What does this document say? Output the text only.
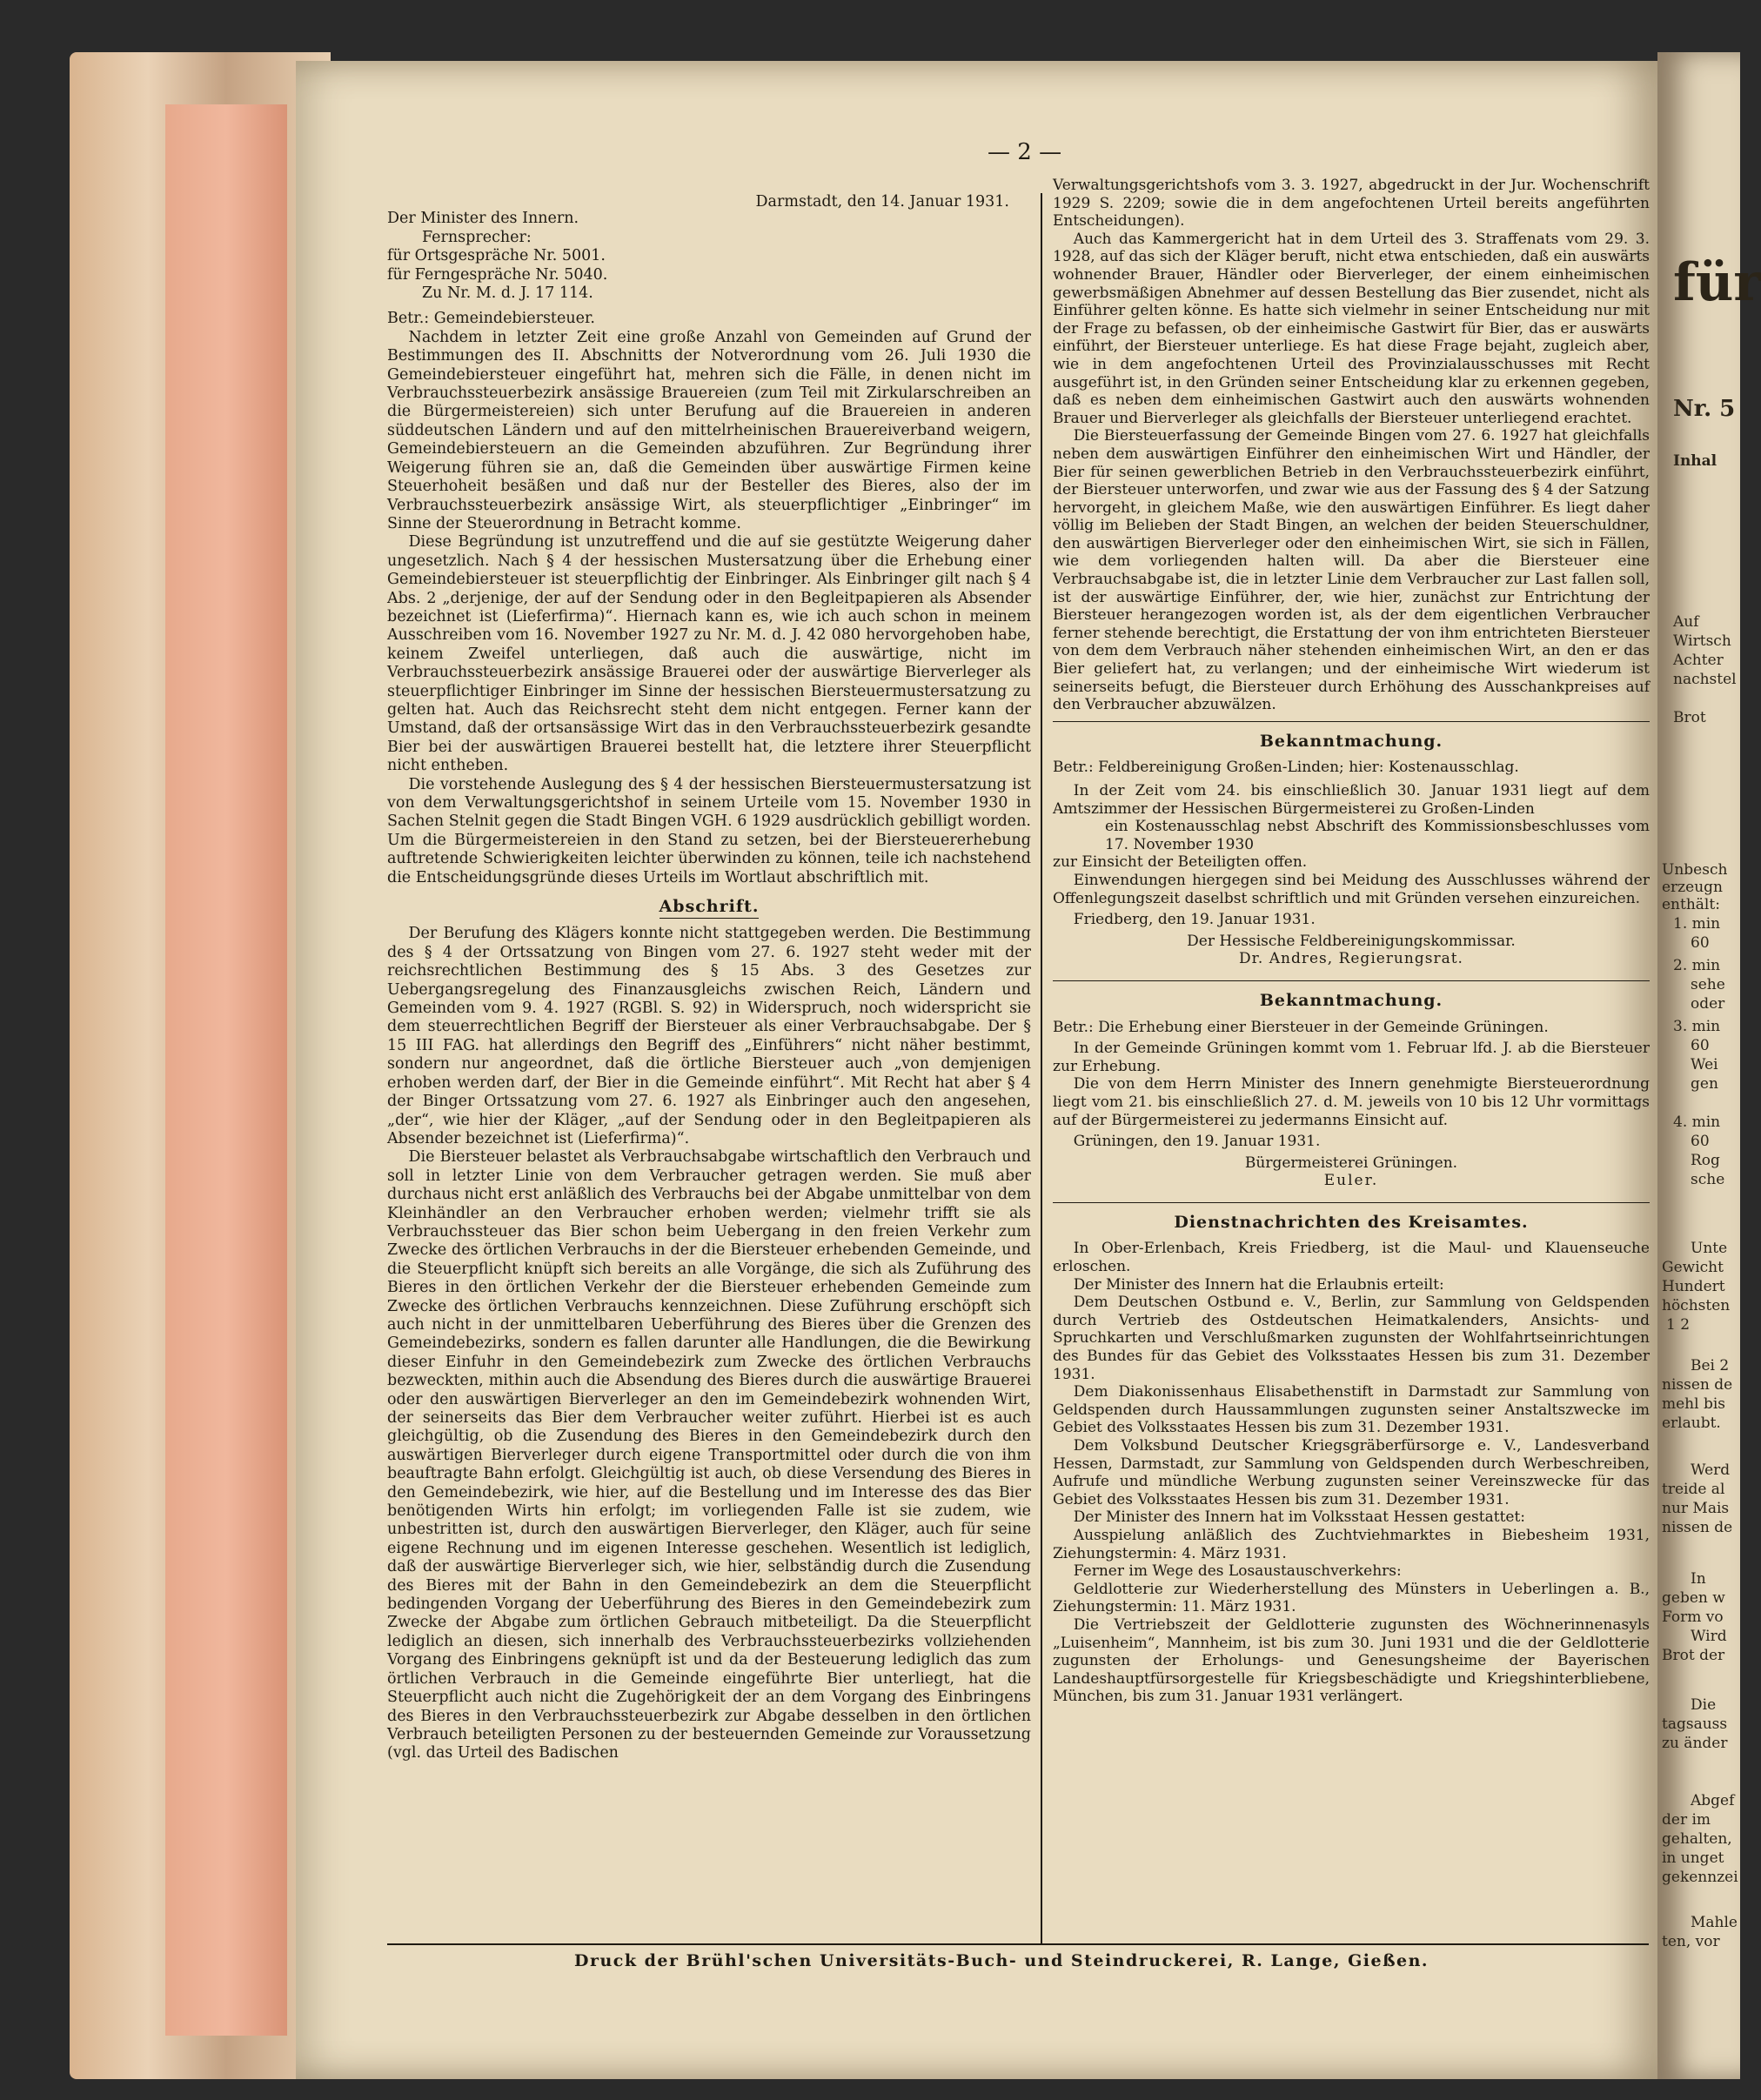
— 2 —
Darmstadt, den 14. Januar 1931.
Der Minister des Innern.
Fernsprecher:
für Ortsgespräche Nr. 5001.
für Ferngespräche Nr. 5040.
Zu Nr. M. d. J. 17 114.

Betr.: Gemeindebiersteuer.

Nachdem in letzter Zeit eine große Anzahl von Gemeinden auf Grund der Bestimmungen des II. Abschnitts der Notverordnung vom 26. Juli 1930 die Gemeindebiersteuer eingeführt hat, mehren sich die Fälle, in denen nicht im Verbrauchssteuerbezirk ansässige Brauereien (zum Teil mit Zirkularschreiben an die Bürgermeistereien) sich unter Berufung auf die Brauereien in anderen süddeutschen Ländern und auf den mittelrheinischen Brauereiverband weigern, Gemeindebiersteuern an die Gemeinden abzuführen. Zur Begründung ihrer Weigerung führen sie an, daß die Gemeinden über auswärtige Firmen keine Steuerhoheit besäßen und daß nur der Besteller des Bieres, also der im Verbrauchssteuerbezirk ansässige Wirt, als steuerpflichtiger „Einbringer“ im Sinne der Steuerordnung in Betracht komme.

Diese Begründung ist unzutreffend und die auf sie gestützte Weigerung daher ungesetzlich. Nach § 4 der hessischen Mustersatzung über die Erhebung einer Gemeindebiersteuer ist steuerpflichtig der Einbringer. Als Einbringer gilt nach § 4 Abs. 2 „derjenige, der auf der Sendung oder in den Begleitpapieren als Absender bezeichnet ist (Lieferfirma)“. Hiernach kann es, wie ich auch schon in meinem Ausschreiben vom 16. November 1927 zu Nr. M. d. J. 42 080 hervorgehoben habe, keinem Zweifel unterliegen, daß auch die auswärtige, nicht im Verbrauchssteuerbezirk ansässige Brauerei oder der auswärtige Bierverleger als steuerpflichtiger Einbringer im Sinne der hessischen Biersteuermustersatzung zu gelten hat. Auch das Reichsrecht steht dem nicht entgegen. Ferner kann der Umstand, daß der ortsansässige Wirt das in den Verbrauchssteuerbezirk gesandte Bier bei der auswärtigen Brauerei bestellt hat, die letztere ihrer Steuerpflicht nicht entheben.

Die vorstehende Auslegung des § 4 der hessischen Biersteuermustersatzung ist von dem Verwaltungsgerichtshof in seinem Urteile vom 15. November 1930 in Sachen Stelnit gegen die Stadt Bingen VGH. 6 1929 ausdrücklich gebilligt worden. Um die Bürgermeistereien in den Stand zu setzen, bei der Biersteuererhebung auftretende Schwierigkeiten leichter überwinden zu können, teile ich nachstehend die Entscheidungsgründe dieses Urteils im Wortlaut abschriftlich mit.

Abschrift.

Der Berufung des Klägers konnte nicht stattgegeben werden. Die Bestimmung des § 4 der Ortssatzung von Bingen vom 27. 6. 1927 steht weder mit der reichsrechtlichen Bestimmung des § 15 Abs. 3 des Gesetzes zur Uebergangsregelung des Finanzausgleichs zwischen Reich, Ländern und Gemeinden vom 9. 4. 1927 (RGBl. S. 92) in Widerspruch, noch widerspricht sie dem steuerrechtlichen Begriff der Biersteuer als einer Verbrauchsabgabe. Der § 15 III FAG. hat allerdings den Begriff des „Einführers“ nicht näher bestimmt, sondern nur angeordnet, daß die örtliche Biersteuer auch „von demjenigen erhoben werden darf, der Bier in die Gemeinde einführt“. Mit Recht hat aber § 4 der Binger Ortssatzung vom 27. 6. 1927 als Einbringer auch den angesehen, „der“, wie hier der Kläger, „auf der Sendung oder in den Begleitpapieren als Absender bezeichnet ist (Lieferfirma)“.

Die Biersteuer belastet als Verbrauchsabgabe wirtschaftlich den Verbrauch und soll in letzter Linie von dem Verbraucher getragen werden. Sie muß aber durchaus nicht erst anläßlich des Verbrauchs bei der Abgabe unmittelbar von dem Kleinhändler an den Verbraucher erhoben werden; vielmehr trifft sie als Verbrauchssteuer das Bier schon beim Uebergang in den freien Verkehr zum Zwecke des örtlichen Verbrauchs in der die Biersteuer erhebenden Gemeinde, und die Steuerpflicht knüpft sich bereits an alle Vorgänge, die sich als Zuführung des Bieres in den örtlichen Verkehr der die Biersteuer erhebenden Gemeinde zum Zwecke des örtlichen Verbrauchs kennzeichnen. Diese Zuführung erschöpft sich auch nicht in der unmittelbaren Ueberführung des Bieres über die Grenzen des Gemeindebezirks, sondern es fallen darunter alle Handlungen, die die Bewirkung dieser Einfuhr in den Gemeindebezirk zum Zwecke des örtlichen Verbrauchs bezweckten, mithin auch die Absendung des Bieres durch die auswärtige Brauerei oder den auswärtigen Bierverleger an den im Gemeindebezirk wohnenden Wirt, der seinerseits das Bier dem Verbraucher weiter zuführt. Hierbei ist es auch gleichgültig, ob die Zusendung des Bieres in den Gemeindebezirk durch den auswärtigen Bierverleger durch eigene Transportmittel oder durch die von ihm beauftragte Bahn erfolgt. Gleichgültig ist auch, ob diese Versendung des Bieres in den Gemeindebezirk, wie hier, auf die Bestellung und im Interesse des das Bier benötigenden Wirts hin erfolgt; im vorliegenden Falle ist sie zudem, wie unbestritten ist, durch den auswärtigen Bierverleger, den Kläger, auch für seine eigene Rechnung und im eigenen Interesse geschehen. Wesentlich ist lediglich, daß der auswärtige Bierverleger sich, wie hier, selbständig durch die Zusendung des Bieres mit der Bahn in den Gemeindebezirk an dem die Steuerpflicht bedingenden Vorgang der Ueberführung des Bieres in den Gemeindebezirk zum Zwecke der Abgabe zum örtlichen Gebrauch mitbeteiligt. Da die Steuerpflicht lediglich an diesen, sich innerhalb des Verbrauchssteuerbezirks vollziehenden Vorgang des Einbringens geknüpft ist und da der Besteuerung lediglich das zum örtlichen Verbrauch in die Gemeinde eingeführte Bier unterliegt, hat die Steuerpflicht auch nicht die Zugehörigkeit der an dem Vorgang des Einbringens des Bieres in den Verbrauchssteuerbezirk zur Abgabe desselben in den örtlichen Verbrauch beteiligten Personen zu der besteuernden Gemeinde zur Voraussetzung (vgl. das Urteil des Badischen

Verwaltungsgerichtshofs vom 3. 3. 1927, abgedruckt in der Jur. Wochenschrift 1929 S. 2209; sowie die in dem angefochtenen Urteil bereits angeführten Entscheidungen).

Auch das Kammergericht hat in dem Urteil des 3. Straffenats vom 29. 3. 1928, auf das sich der Kläger beruft, nicht etwa entschieden, daß ein auswärts wohnender Brauer, Händler oder Bierverleger, der einem einheimischen gewerbsmäßigen Abnehmer auf dessen Bestellung das Bier zusendet, nicht als Einführer gelten könne. Es hatte sich vielmehr in seiner Entscheidung nur mit der Frage zu befassen, ob der einheimische Gastwirt für Bier, das er auswärts einführt, der Biersteuer unterliege. Es hat diese Frage bejaht, zugleich aber, wie in dem angefochtenen Urteil des Provinzialausschusses mit Recht ausgeführt ist, in den Gründen seiner Entscheidung klar zu erkennen gegeben, daß es neben dem einheimischen Gastwirt auch den auswärts wohnenden Brauer und Bierverleger als gleichfalls der Biersteuer unterliegend erachtet.

Die Biersteuerfassung der Gemeinde Bingen vom 27. 6. 1927 hat gleichfalls neben dem auswärtigen Einführer den einheimischen Wirt und Händler, der Bier für seinen gewerblichen Betrieb in den Verbrauchssteuerbezirk einführt, der Biersteuer unterworfen, und zwar wie aus der Fassung des § 4 der Satzung hervorgeht, in gleichem Maße, wie den auswärtigen Einführer. Es liegt daher völlig im Belieben der Stadt Bingen, an welchen der beiden Steuerschuldner, den auswärtigen Bierverleger oder den einheimischen Wirt, sie sich in Fällen, wie dem vorliegenden halten will. Da aber die Biersteuer eine Verbrauchsabgabe ist, die in letzter Linie dem Verbraucher zur Last fallen soll, ist der auswärtige Einführer, der, wie hier, zunächst zur Entrichtung der Biersteuer herangezogen worden ist, als der dem eigentlichen Verbraucher ferner stehende berechtigt, die Erstattung der von ihm entrichteten Biersteuer von dem dem Verbrauch näher stehenden einheimischen Wirt, an den er das Bier geliefert hat, zu verlangen; und der einheimische Wirt wiederum ist seinerseits befugt, die Biersteuer durch Erhöhung des Ausschankpreises auf den Verbraucher abzuwälzen.

Bekanntmachung.

Betr.: Feldbereinigung Großen-Linden; hier: Kostenausschlag.

In der Zeit vom 24. bis einschließlich 30. Januar 1931 liegt auf dem Amtszimmer der Hessischen Bürgermeisterei zu Großen-Linden

ein Kostenausschlag nebst Abschrift des Kommissionsbeschlusses vom 17. November 1930

zur Einsicht der Beteiligten offen.

Einwendungen hiergegen sind bei Meidung des Ausschlusses während der Offenlegungszeit daselbst schriftlich und mit Gründen versehen einzureichen.

Friedberg, den 19. Januar 1931.

Der Hessische Feldbereinigungskommissar.
Dr. Andres, Regierungsrat.
Bekanntmachung.

Betr.: Die Erhebung einer Biersteuer in der Gemeinde Grüningen.

In der Gemeinde Grüningen kommt vom 1. Februar lfd. J. ab die Biersteuer zur Erhebung.

Die von dem Herrn Minister des Innern genehmigte Biersteuerordnung liegt vom 21. bis einschließlich 27. d. M. jeweils von 10 bis 12 Uhr vormittags auf der Bürgermeisterei zu jedermanns Einsicht auf.

Grüningen, den 19. Januar 1931.

Bürgermeisterei Grüningen.
Euler.
Dienstnachrichten des Kreisamtes.

In Ober-Erlenbach, Kreis Friedberg, ist die Maul- und Klauenseuche erloschen.

Der Minister des Innern hat die Erlaubnis erteilt:

Dem Deutschen Ostbund e. V., Berlin, zur Sammlung von Geldspenden durch Vertrieb des Ostdeutschen Heimatkalenders, Ansichts- und Spruchkarten und Verschlußmarken zugunsten der Wohlfahrtseinrichtungen des Bundes für das Gebiet des Volksstaates Hessen bis zum 31. Dezember 1931.

Dem Diakonissenhaus Elisabethenstift in Darmstadt zur Sammlung von Geldspenden durch Haussammlungen zugunsten seiner Anstaltszwecke im Gebiet des Volksstaates Hessen bis zum 31. Dezember 1931.

Dem Volksbund Deutscher Kriegsgräberfürsorge e. V., Landesverband Hessen, Darmstadt, zur Sammlung von Geldspenden durch Werbeschreiben, Aufrufe und mündliche Werbung zugunsten seiner Vereinszwecke für das Gebiet des Volksstaates Hessen bis zum 31. Dezember 1931.

Der Minister des Innern hat im Volksstaat Hessen gestattet:

Ausspielung anläßlich des Zuchtviehmarktes in Biebesheim 1931, Ziehungstermin: 4. März 1931.

Ferner im Wege des Losaustauschverkehrs:

Geldlotterie zur Wiederherstellung des Münsters in Ueberlingen a. B., Ziehungstermin: 11. März 1931.

Die Vertriebszeit der Geldlotterie zugunsten des Wöchnerinnenasyls „Luisenheim“, Mannheim, ist bis zum 30. Juni 1931 und die der Geldlotterie zugunsten der Erholungs- und Genesungsheime der Bayerischen Landeshauptfürsorgestelle für Kriegsbeschädigte und Kriegshinterbliebene, München, bis zum 31. Januar 1931 verlängert.

Druck der Brühl'schen Universitäts-Buch- und Steindruckerei, R. Lange, Gießen.
für
Nr. 5
Inhal
Auf
Wirtsch
Achter
nachstel
Brot
Unbesch
erzeugn
enthält:
1. min
60
2. min
sehe
oder
3. min
60
Wei
gen
4. min
60
Rog
sche
Unte
Gewicht
Hundert
höchsten
1 2
Bei 2
nissen de
mehl bis
erlaubt.
Werd
treide al
nur Mais
nissen de
In
geben w
Form vo
Wird
Brot der
Die
tagsauss
zu änder
Abgef
der im
gehalten,
in unget
gekennzei
Mahle
ten, vor
